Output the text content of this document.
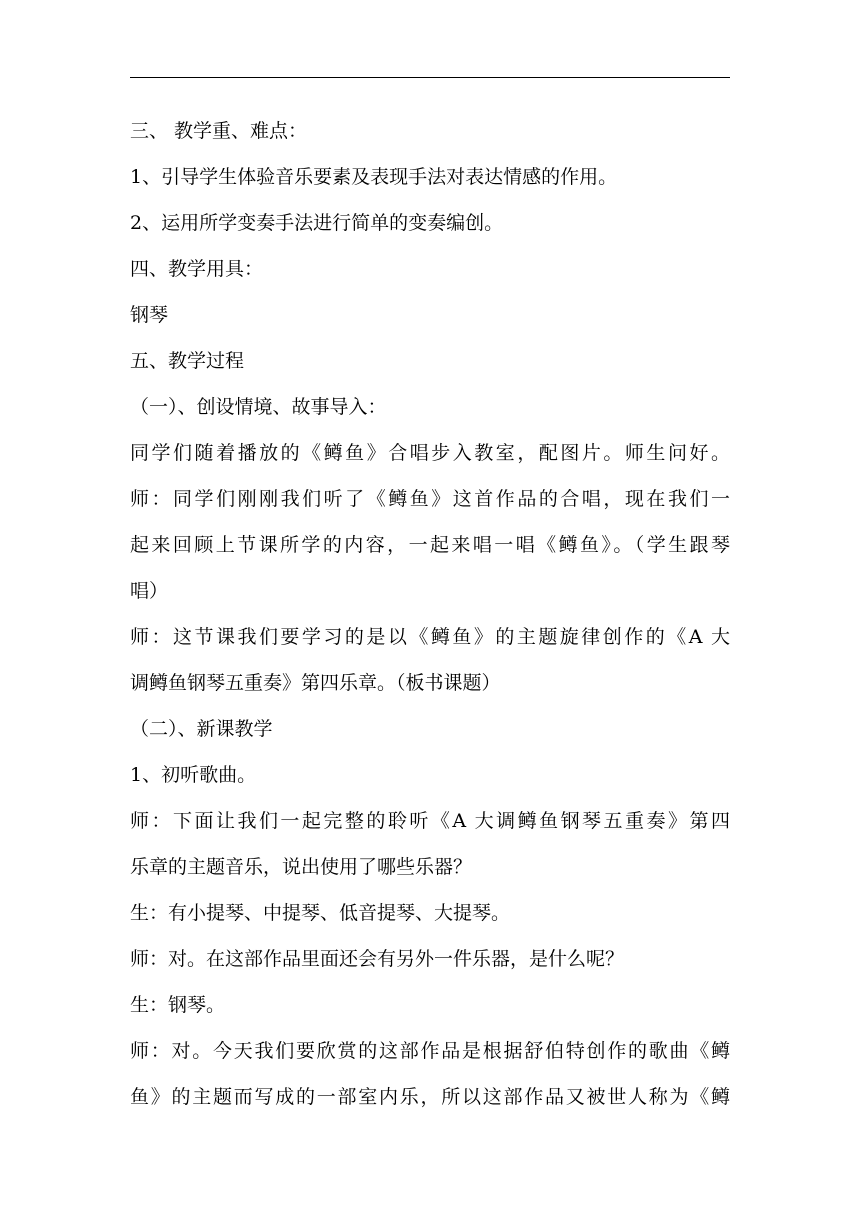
三、 教学重、难点：
1、引导学生体验音乐要素及表现手法对表达情感的作用。
2、运用所学变奏手法进行简单的变奏编创。
四、教学用具：
钢琴
五、教学过程
（一）、创设情境、故事导入：
同学们随着播放的《鳟鱼》合唱步入教室，配图片。师生问好。
师：同学们刚刚我们听了《鳟鱼》这首作品的合唱，现在我们一
起来回顾上节课所学的内容，一起来唱一唱《鳟鱼》。（学生跟琴
唱）
师：这节课我们要学习的是以《鳟鱼》的主题旋律创作的《A 大
调鳟鱼钢琴五重奏》第四乐章。（板书课题）
（二）、新课教学
1、初听歌曲。
师：下面让我们一起完整的聆听《A 大调鳟鱼钢琴五重奏》第四
乐章的主题音乐，说出使用了哪些乐器？
生：有小提琴、中提琴、低音提琴、大提琴。
师：对。在这部作品里面还会有另外一件乐器，是什么呢？
生：钢琴。
师：对。今天我们要欣赏的这部作品是根据舒伯特创作的歌曲《鳟
鱼》的主题而写成的一部室内乐，所以这部作品又被世人称为《鳟
